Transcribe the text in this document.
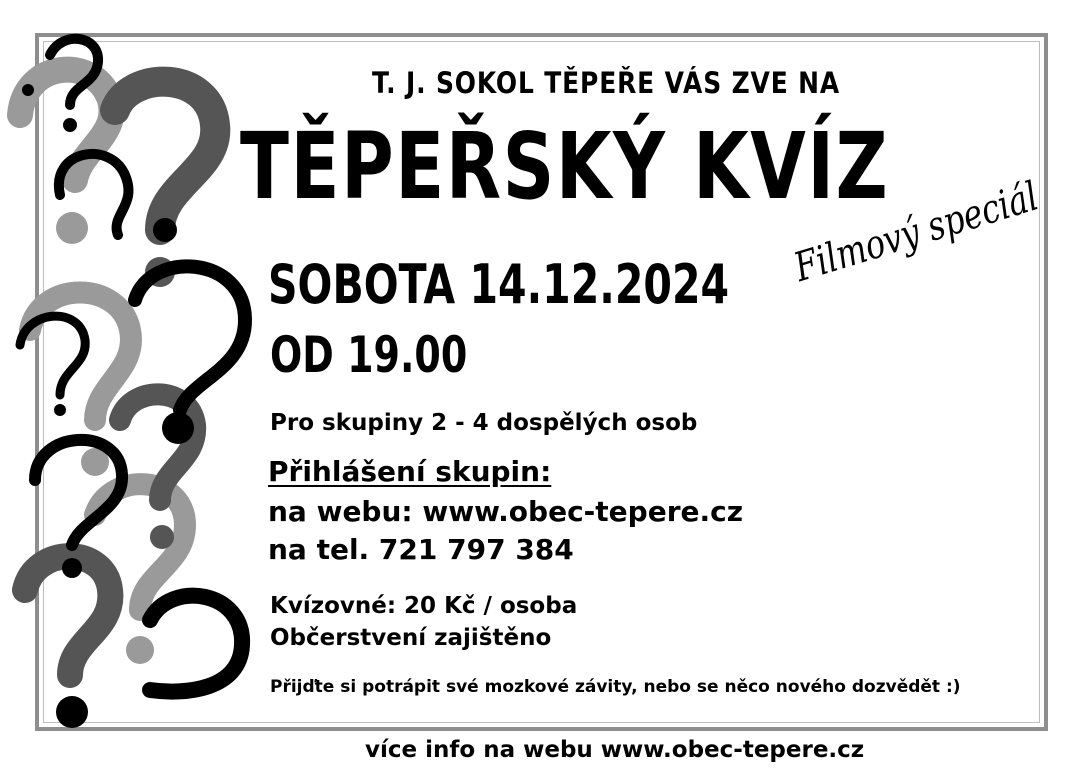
T. J. SOKOL TĚPEŘE VÁS ZVE NA

TĚPEŘSKÝ KVÍZ

Filmový speciál

SOBOTA 14.12.2024

OD 19.00

Pro skupiny 2 - 4 dospělých osob

Přihlášení skupin:

na webu: www.obec-tepere.cz

na tel. 721 797 384

Kvízovné: 20 Kč / osoba

Občerstvení zajištěno

Přijďte si potrápit své mozkové závity, nebo se něco nového dozvědět :)

více info na webu www.obec-tepere.cz
